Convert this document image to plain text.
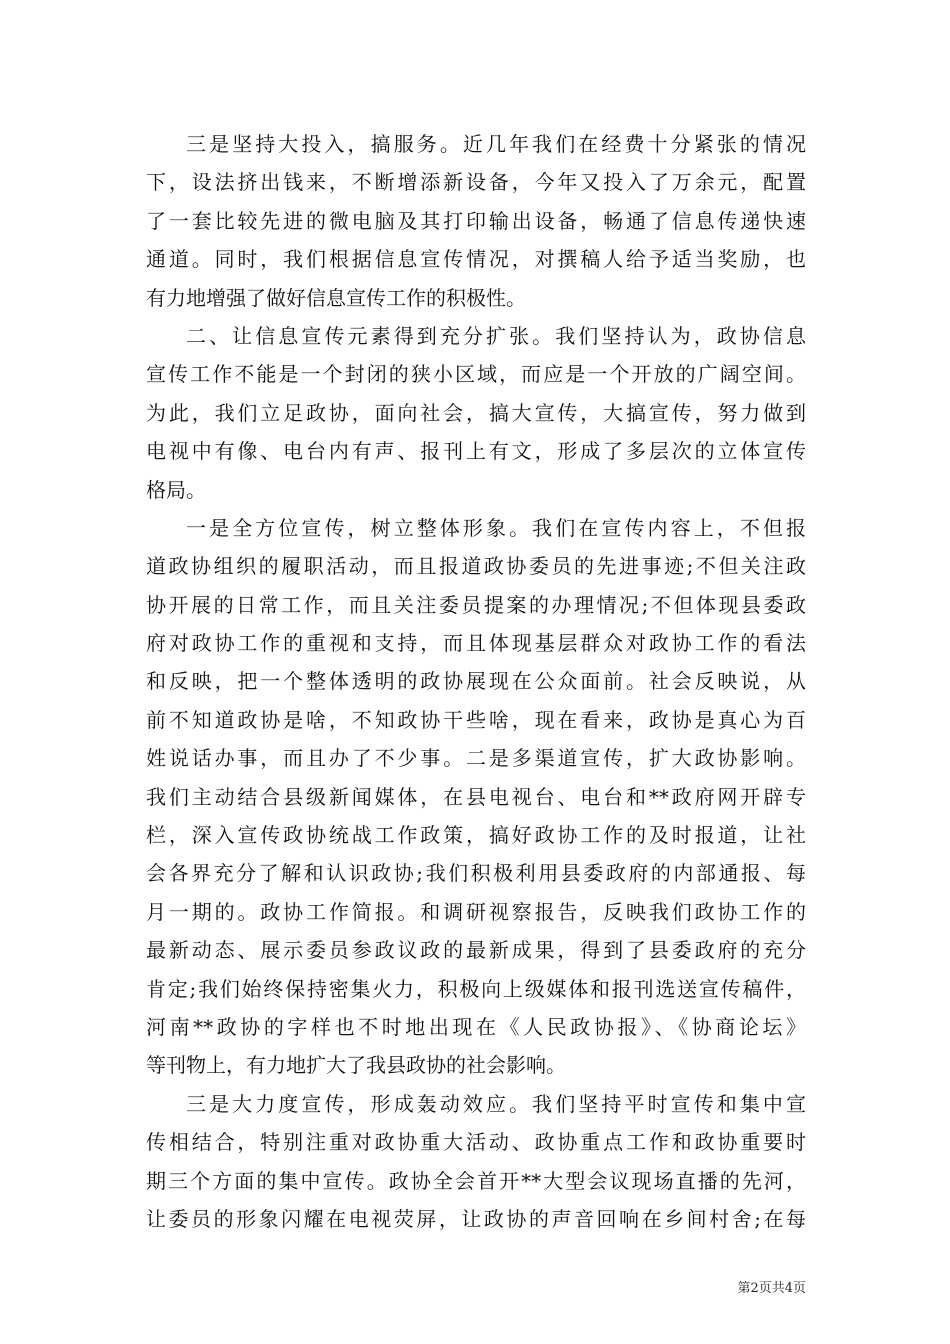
三是坚持大投入，搞服务。近几年我们在经费十分紧张的情况
下，设法挤出钱来，不断增添新设备，今年又投入了万余元，配置
了一套比较先进的微电脑及其打印输出设备，畅通了信息传递快速
通道。同时，我们根据信息宣传情况，对撰稿人给予适当奖励，也
有力地增强了做好信息宣传工作的积极性。
二、让信息宣传元素得到充分扩张。我们坚持认为，政协信息
宣传工作不能是一个封闭的狭小区域，而应是一个开放的广阔空间。
为此，我们立足政协，面向社会，搞大宣传，大搞宣传，努力做到
电视中有像、电台内有声、报刊上有文，形成了多层次的立体宣传
格局。
一是全方位宣传，树立整体形象。我们在宣传内容上，不但报
道政协组织的履职活动，而且报道政协委员的先进事迹;不但关注政
协开展的日常工作，而且关注委员提案的办理情况;不但体现县委政
府对政协工作的重视和支持，而且体现基层群众对政协工作的看法
和反映，把一个整体透明的政协展现在公众面前。社会反映说，从
前不知道政协是啥，不知政协干些啥，现在看来，政协是真心为百
姓说话办事，而且办了不少事。二是多渠道宣传，扩大政协影响。
我们主动结合县级新闻媒体，在县电视台、电台和**政府网开辟专
栏，深入宣传政协统战工作政策，搞好政协工作的及时报道，让社
会各界充分了解和认识政协;我们积极利用县委政府的内部通报、每
月一期的。政协工作简报。和调研视察报告，反映我们政协工作的
最新动态、展示委员参政议政的最新成果，得到了县委政府的充分
肯定;我们始终保持密集火力，积极向上级媒体和报刊选送宣传稿件，
河南**政协的字样也不时地出现在《人民政协报》、《协商论坛》
等刊物上，有力地扩大了我县政协的社会影响。
三是大力度宣传，形成轰动效应。我们坚持平时宣传和集中宣
传相结合，特别注重对政协重大活动、政协重点工作和政协重要时
期三个方面的集中宣传。政协全会首开**大型会议现场直播的先河，
让委员的形象闪耀在电视荧屏，让政协的声音回响在乡间村舍;在每
第2页共4页
